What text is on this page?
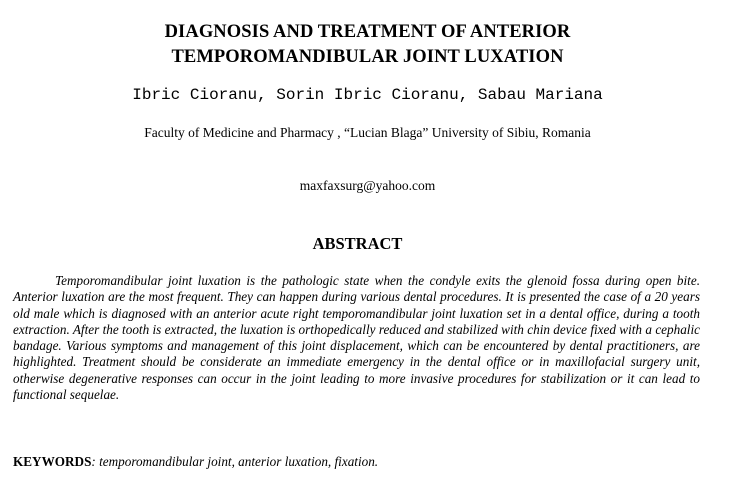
DIAGNOSIS AND TREATMENT OF ANTERIOR
TEMPOROMANDIBULAR JOINT LUXATION
Ibric Cioranu, Sorin Ibric Cioranu, Sabau Mariana
Faculty of Medicine and Pharmacy , “Lucian Blaga” University of Sibiu, Romania
maxfaxsurg@yahoo.com
ABSTRACT

Temporomandibular joint luxation is the pathologic state when the condyle exits the glenoid fossa during open bite. Anterior luxation are the most frequent. They can happen during various dental procedures. It is presented the case of a 20 years old male which is diagnosed with an anterior acute right temporomandibular joint luxation set in a dental office, during a tooth extraction. After the tooth is extracted, the luxation is orthopedically reduced and stabilized with chin device fixed with a cephalic bandage. Various symptoms and management of this joint displacement, which can be encountered by dental practitioners, are highlighted. Treatment should be considerate an immediate emergency in the dental office or in maxillofacial surgery unit, otherwise degenerative responses can occur in the joint leading to more invasive procedures for stabilization or it can lead to functional sequelae.

KEYWORDS: temporomandibular joint, anterior luxation, fixation.
